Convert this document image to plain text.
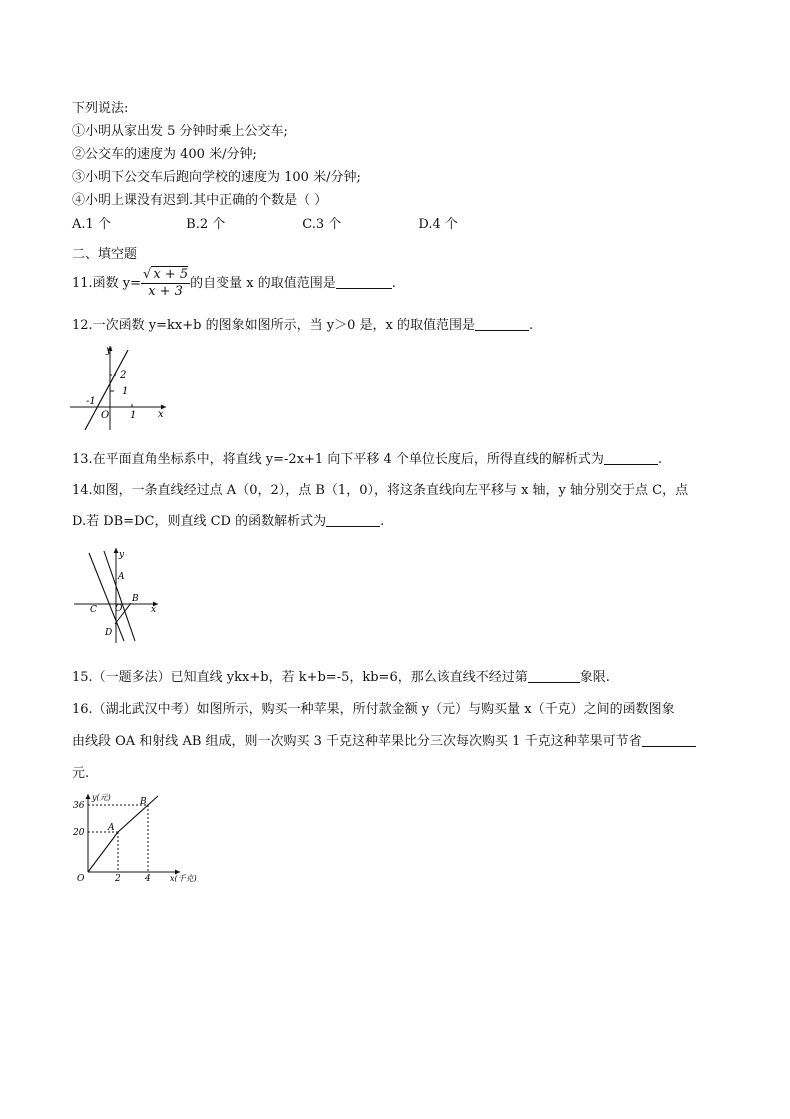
下列说法:
①小明从家出发 5 分钟时乘上公交车;
②公交车的速度为 400 米/分钟;
③小明下公交车后跑向学校的速度为 100 米/分钟;
④小明上课没有迟到.其中正确的个数是（ ）
A.1 个	B.2 个	C.3 个	D.4 个
二、填空题
11.函数 $y= \frac{√ x + 5}{x + 3}$ 的自变量 x 的取值范围是	.
12.一次函数 y=kx+b 的图象如图所示，当 y＞0 是，x 的取值范围是	.
y
x
O
-1
1
1
2
13.在平面直角坐标系中，将直线 y=-2x+1 向下平移 4 个单位长度后，所得直线的解析式为	.
14.如图，一条直线经过点 A（0，2），点 B（1，0），将这条直线向左平移与 x 轴，y 轴分别交于点 C，点
D.若 DB=DC，则直线 CD 的函数解析式为	.
y
x
A
B
C
D
O
15.（一题多法）已知直线 ykx+b，若 k+b=-5，kb=6，那么该直线不经过第	象限.
16.（湖北武汉中考）如图所示，购买一种苹果，所付款金额 y（元）与购买量 x（千克）之间的函数图象
由线段 OA 和射线 AB 组成，则一次购买 3 千克这种苹果比分三次每次购买 1 千克这种苹果可节省
元.
y(元)
x(千克)
O
A
B
36
20
2	4
